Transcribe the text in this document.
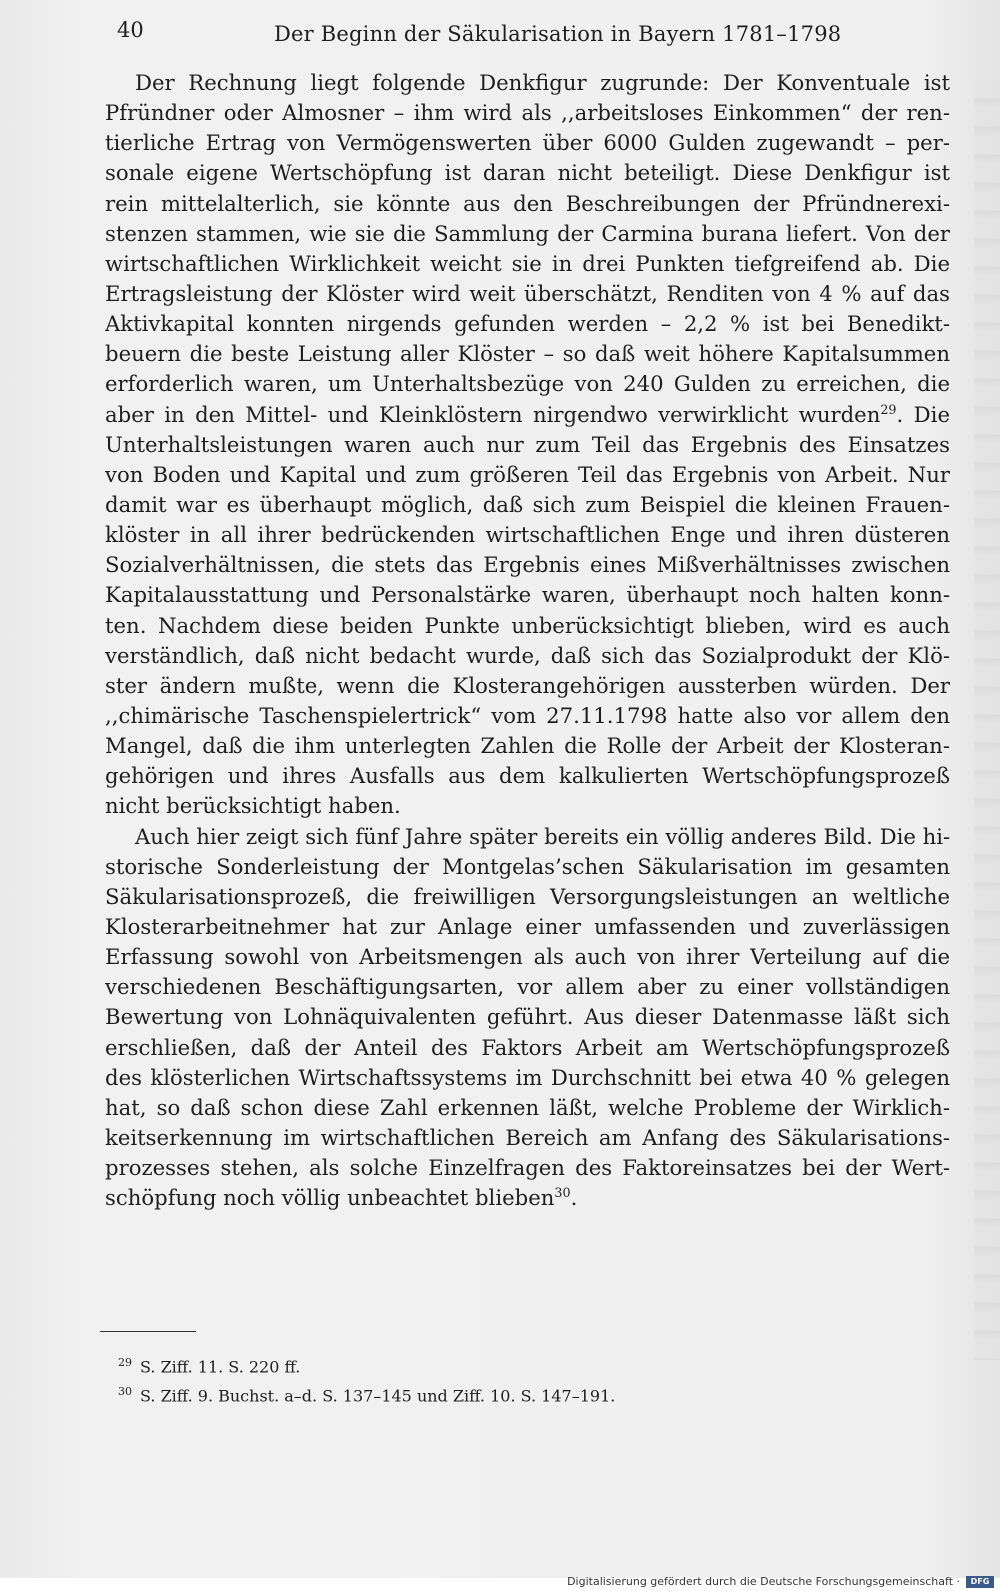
40	Der Beginn der Säkularisation in Bayern 1781–1798
Der Rechnung liegt folgende Denkfigur zugrunde: Der Konventuale ist
Pfründner oder Almosner – ihm wird als ,,arbeitsloses Einkommen“ der ren-
tierliche Ertrag von Vermögenswerten über 6000 Gulden zugewandt – per-
sonale eigene Wertschöpfung ist daran nicht beteiligt. Diese Denkfigur ist
rein mittelalterlich, sie könnte aus den Beschreibungen der Pfründnerexi-
stenzen stammen, wie sie die Sammlung der Carmina burana liefert. Von der
wirtschaftlichen Wirklichkeit weicht sie in drei Punkten tiefgreifend ab. Die
Ertragsleistung der Klöster wird weit überschätzt, Renditen von 4 % auf das
Aktivkapital konnten nirgends gefunden werden – 2,2 % ist bei Benedikt-
beuern die beste Leistung aller Klöster – so daß weit höhere Kapitalsummen
erforderlich waren, um Unterhaltsbezüge von 240 Gulden zu erreichen, die
aber in den Mittel- und Kleinklöstern nirgendwo verwirklicht wurden$^{29}$. Die
Unterhaltsleistungen waren auch nur zum Teil das Ergebnis des Einsatzes
von Boden und Kapital und zum größeren Teil das Ergebnis von Arbeit. Nur
damit war es überhaupt möglich, daß sich zum Beispiel die kleinen Frauen-
klöster in all ihrer bedrückenden wirtschaftlichen Enge und ihren düsteren
Sozialverhältnissen, die stets das Ergebnis eines Mißverhältnisses zwischen
Kapitalausstattung und Personalstärke waren, überhaupt noch halten konn-
ten. Nachdem diese beiden Punkte unberücksichtigt blieben, wird es auch
verständlich, daß nicht bedacht wurde, daß sich das Sozialprodukt der Klö-
ster ändern mußte, wenn die Klosterangehörigen aussterben würden. Der
,,chimärische Taschenspielertrick“ vom 27.11.1798 hatte also vor allem den
Mangel, daß die ihm unterlegten Zahlen die Rolle der Arbeit der Klosteran-
gehörigen und ihres Ausfalls aus dem kalkulierten Wertschöpfungsprozeß
nicht berücksichtigt haben.
Auch hier zeigt sich fünf Jahre später bereits ein völlig anderes Bild. Die hi-
storische Sonderleistung der Montgelas’schen Säkularisation im gesamten
Säkularisationsprozeß, die freiwilligen Versorgungsleistungen an weltliche
Klosterarbeitnehmer hat zur Anlage einer umfassenden und zuverlässigen
Erfassung sowohl von Arbeitsmengen als auch von ihrer Verteilung auf die
verschiedenen Beschäftigungsarten, vor allem aber zu einer vollständigen
Bewertung von Lohnäquivalenten geführt. Aus dieser Datenmasse läßt sich
erschließen, daß der Anteil des Faktors Arbeit am Wertschöpfungsprozeß
des klösterlichen Wirtschaftssystems im Durchschnitt bei etwa 40 % gelegen
hat, so daß schon diese Zahl erkennen läßt, welche Probleme der Wirklich-
keitserkennung im wirtschaftlichen Bereich am Anfang des Säkularisations-
prozesses stehen, als solche Einzelfragen des Faktoreinsatzes bei der Wert-
schöpfung noch völlig unbeachtet blieben$^{30}$.
$^{29}$ S. Ziff. 11. S. 220 ff.
$^{30}$ S. Ziff. 9. Buchst. a–d. S. 137–145 und Ziff. 10. S. 147–191.
Digitalisierung gefördert durch die Deutsche Forschungsgemeinschaft ·	DFG
